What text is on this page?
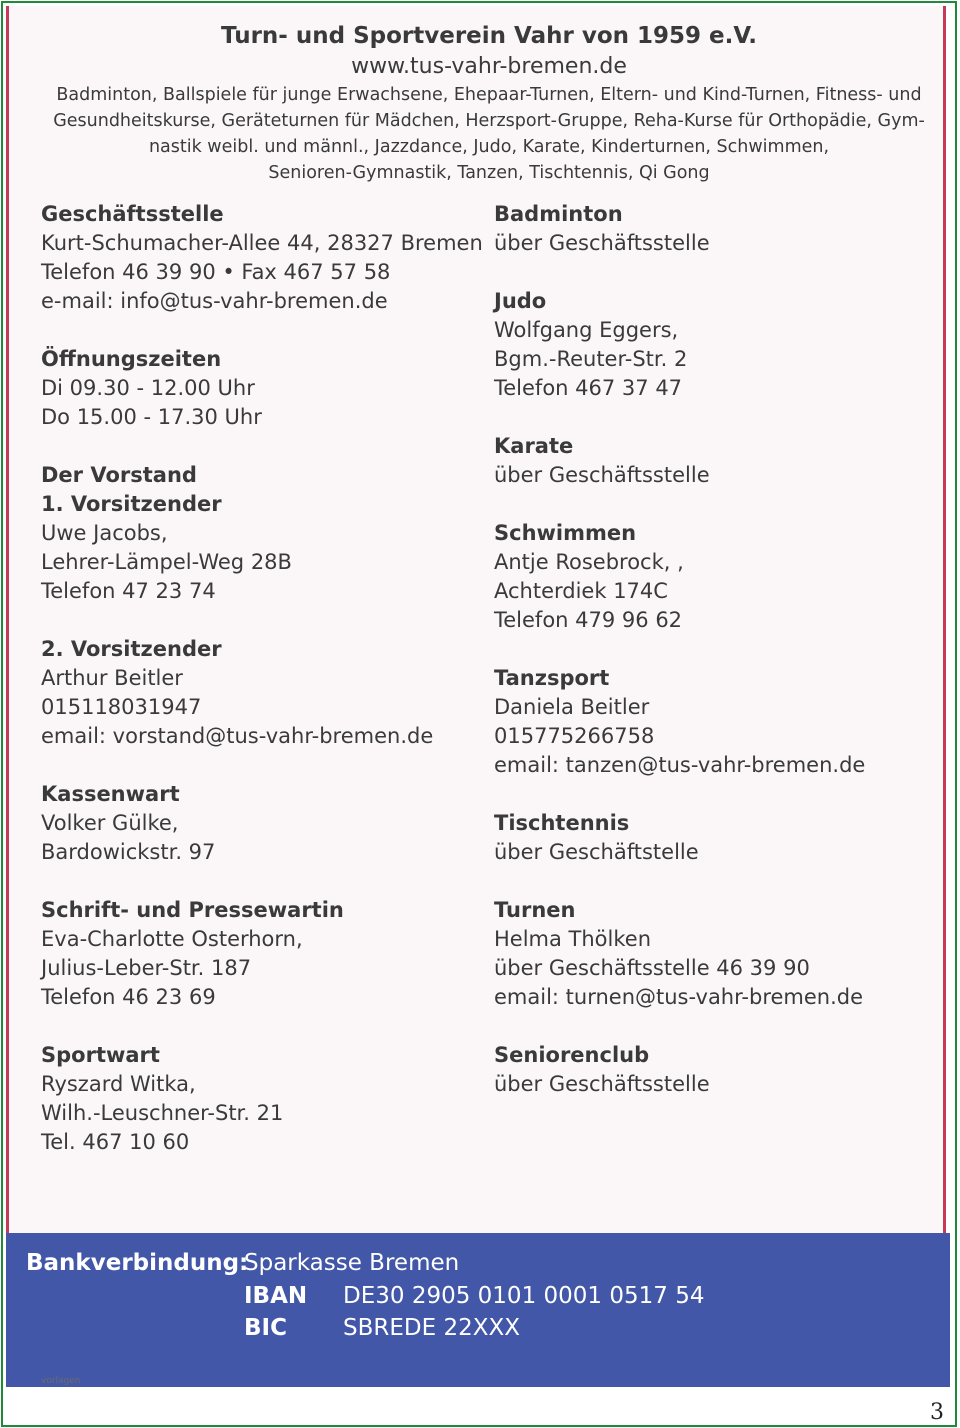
Turn- und Sportverein Vahr von 1959 e.V.
www.tus-vahr-bremen.de
Badminton, Ballspiele für junge Erwachsene, Ehepaar-Turnen, Eltern- und Kind-Turnen, Fitness- und
Gesundheitskurse, Geräteturnen für Mädchen, Herzsport-Gruppe, Reha-Kurse für Orthopädie, Gym-
nastik weibl. und männl., Jazzdance, Judo, Karate, Kinderturnen, Schwimmen,
Senioren-Gymnastik, Tanzen, Tischtennis, Qi Gong
Geschäftsstelle
Kurt-Schumacher-Allee 44, 28327 Bremen
Telefon 46 39 90 • Fax 467 57 58
e-mail: info@tus-vahr-bremen.de
Öffnungszeiten
Di 09.30 - 12.00 Uhr
Do 15.00 - 17.30 Uhr
Der Vorstand
1. Vorsitzender
Uwe Jacobs,
Lehrer-Lämpel-Weg 28B
Telefon 47 23 74
2. Vorsitzender
Arthur Beitler
015118031947
email: vorstand@tus-vahr-bremen.de
Kassenwart
Volker Gülke,
Bardowickstr. 97
Schrift- und Pressewartin
Eva-Charlotte Osterhorn,
Julius-Leber-Str. 187
Telefon 46 23 69
Sportwart
Ryszard Witka,
Wilh.-Leuschner-Str. 21
Tel. 467 10 60
Badminton
über Geschäftsstelle
Judo
Wolfgang Eggers,
Bgm.-Reuter-Str. 2
Telefon 467 37 47
Karate
über Geschäftsstelle
Schwimmen
Antje Rosebrock, ,
Achterdiek 174C
Telefon 479 96 62
Tanzsport
Daniela Beitler
015775266758
email: tanzen@tus-vahr-bremen.de
Tischtennis
über Geschäftstelle
Turnen
Helma Thölken
über Geschäftsstelle 46 39 90
email: turnen@tus-vahr-bremen.de
Seniorenclub
über Geschäftsstelle
Bankverbindung:
Sparkasse Bremen
IBAN DE30 2905 0101 0001 0517 54
BIC SBREDE 22XXX
vorlagen
3
